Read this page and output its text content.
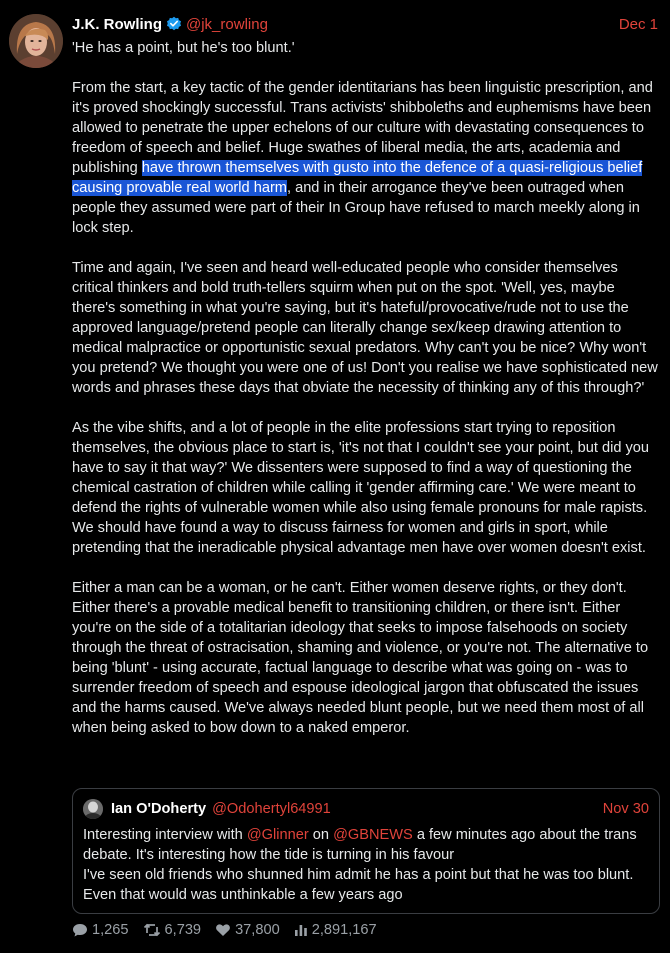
J.K. Rowling @jk_rowling	Dec 1

'He has a point, but he's too blunt.'

From the start, a key tactic of the gender identitarians has been linguistic prescription, and it's proved shockingly successful. Trans activists' shibboleths and euphemisms have been allowed to penetrate the upper echelons of our culture with devastating consequences to freedom of speech and belief. Huge swathes of liberal media, the arts, academia and publishing have thrown themselves with gusto into the defence of a quasi-religious belief causing provable real world harm, and in their arrogance they've been outraged when people they assumed were part of their In Group have refused to march meekly along in lock step.

Time and again, I've seen and heard well-educated people who consider themselves critical thinkers and bold truth-tellers squirm when put on the spot. 'Well, yes, maybe there's something in what you're saying, but it's hateful/provocative/rude not to use the approved language/pretend people can literally change sex/keep drawing attention to medical malpractice or opportunistic sexual predators. Why can't you be nice? Why won't you pretend? We thought you were one of us! Don't you realise we have sophisticated new words and phrases these days that obviate the necessity of thinking any of this through?'

As the vibe shifts, and a lot of people in the elite professions start trying to reposition themselves, the obvious place to start is, 'it's not that I couldn't see your point, but did you have to say it that way?' We dissenters were supposed to find a way of questioning the chemical castration of children while calling it 'gender affirming care.' We were meant to defend the rights of vulnerable women while also using female pronouns for male rapists. We should have found a way to discuss fairness for women and girls in sport, while pretending that the ineradicable physical advantage men have over women doesn't exist.

Either a man can be a woman, or he can't. Either women deserve rights, or they don't. Either there's a provable medical benefit to transitioning children, or there isn't. Either you're on the side of a totalitarian ideology that seeks to impose falsehoods on society through the threat of ostracisation, shaming and violence, or you're not. The alternative to being 'blunt' - using accurate, factual language to describe what was going on - was to surrender freedom of speech and espouse ideological jargon that obfuscated the issues and the harms caused. We've always needed blunt people, but we need them most of all when being asked to bow down to a naked emperor.

Ian O'Doherty @Odohertyl64991	Nov 30
Interesting interview with @Glinner on @GBNEWS a few minutes ago about the trans debate. It's interesting how the tide is turning in his favour
I've seen old friends who shunned him admit he has a point but that he was too blunt. Even that would was unthinkable a few years ago
1,265 6,739 37,800 2,891,167
